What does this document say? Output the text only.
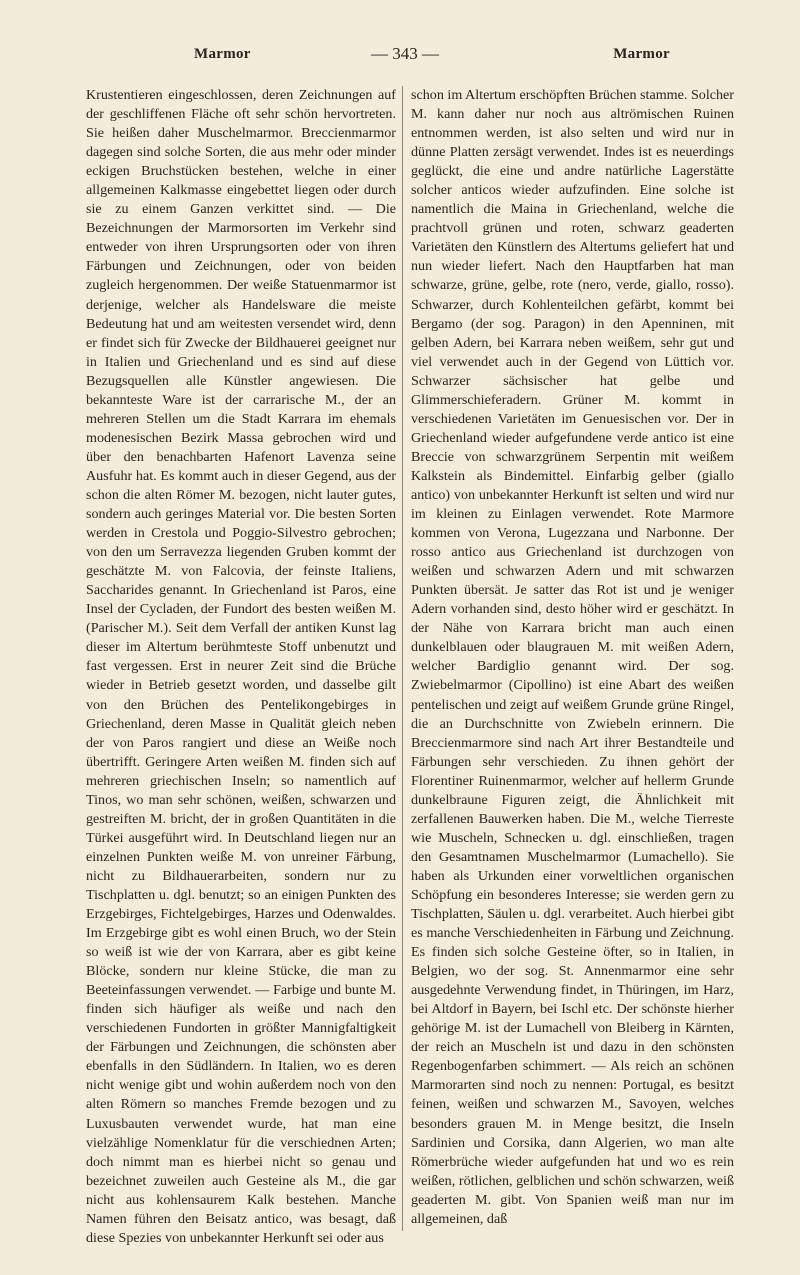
Marmor	— 343 —	Marmor

Krustentieren eingeschlossen, deren Zeichnungen auf der geschliffenen Fläche oft sehr schön hervortreten. Sie heißen daher Muschelmarmor. Breccienmarmor dagegen sind solche Sorten, die aus mehr oder minder eckigen Bruchstücken bestehen, welche in einer allgemeinen Kalkmasse eingebettet liegen oder durch sie zu einem Ganzen verkittet sind. — Die Bezeichnungen der Marmorsorten im Verkehr sind entweder von ihren Ursprungsorten oder von ihren Färbungen und Zeichnungen, oder von beiden zugleich hergenommen. Der weiße Statuenmarmor ist derjenige, welcher als Handelsware die meiste Bedeutung hat und am weitesten versendet wird, denn er findet sich für Zwecke der Bildhauerei geeignet nur in Italien und Griechenland und es sind auf diese Bezugsquellen alle Künstler angewiesen. Die bekannteste Ware ist der carrarische M., der an mehreren Stellen um die Stadt Karrara im ehemals modenesischen Bezirk Massa gebrochen wird und über den benachbarten Hafenort Lavenza seine Ausfuhr hat. Es kommt auch in dieser Gegend, aus der schon die alten Römer M. bezogen, nicht lauter gutes, sondern auch geringes Material vor. Die besten Sorten werden in Crestola und Poggio-Silvestro gebrochen; von den um Serravezza liegenden Gruben kommt der geschätzte M. von Falcovia, der feinste Italiens, Saccharides genannt. In Griechenland ist Paros, eine Insel der Cycladen, der Fundort des besten weißen M. (Parischer M.). Seit dem Verfall der antiken Kunst lag dieser im Altertum berühmteste Stoff unbenutzt und fast vergessen. Erst in neurer Zeit sind die Brüche wieder in Betrieb gesetzt worden, und dasselbe gilt von den Brüchen des Pentelikongebirges in Griechenland, deren Masse in Qualität gleich neben der von Paros rangiert und diese an Weiße noch übertrifft. Geringere Arten weißen M. finden sich auf mehreren griechischen Inseln; so namentlich auf Tinos, wo man sehr schönen, weißen, schwarzen und gestreiften M. bricht, der in großen Quantitäten in die Türkei ausgeführt wird. In Deutschland liegen nur an einzelnen Punkten weiße M. von unreiner Färbung, nicht zu Bildhauerarbeiten, sondern nur zu Tischplatten u. dgl. benutzt; so an einigen Punkten des Erzgebirges, Fichtelgebirges, Harzes und Odenwaldes. Im Erzgebirge gibt es wohl einen Bruch, wo der Stein so weiß ist wie der von Karrara, aber es gibt keine Blöcke, sondern nur kleine Stücke, die man zu Beeteinfassungen verwendet. — Farbige und bunte M. finden sich häufiger als weiße und nach den verschiedenen Fundorten in größter Mannigfaltigkeit der Färbungen und Zeichnungen, die schönsten aber ebenfalls in den Südländern. In Italien, wo es deren nicht wenige gibt und wohin außerdem noch von den alten Römern so manches Fremde bezogen und zu Luxusbauten verwendet wurde, hat man eine vielzählige Nomenklatur für die verschiednen Arten; doch nimmt man es hierbei nicht so genau und bezeichnet zuweilen auch Gesteine als M., die gar nicht aus kohlensaurem Kalk bestehen. Manche Namen führen den Beisatz antico, was besagt, daß diese Spezies von unbekannter Herkunft sei oder aus

schon im Altertum erschöpften Brüchen stamme. Solcher M. kann daher nur noch aus altrömischen Ruinen entnommen werden, ist also selten und wird nur in dünne Platten zersägt verwendet. Indes ist es neuerdings geglückt, die eine und andre natürliche Lagerstätte solcher anticos wieder aufzufinden. Eine solche ist namentlich die Maina in Griechenland, welche die prachtvoll grünen und roten, schwarz geaderten Varietäten den Künstlern des Altertums geliefert hat und nun wieder liefert. Nach den Hauptfarben hat man schwarze, grüne, gelbe, rote (nero, verde, giallo, rosso). Schwarzer, durch Kohlenteilchen gefärbt, kommt bei Bergamo (der sog. Paragon) in den Apenninen, mit gelben Adern, bei Karrara neben weißem, sehr gut und viel verwendet auch in der Gegend von Lüttich vor. Schwarzer sächsischer hat gelbe und Glimmerschieferadern. Grüner M. kommt in verschiedenen Varietäten im Genuesischen vor. Der in Griechenland wieder aufgefundene verde antico ist eine Breccie von schwarzgrünem Serpentin mit weißem Kalkstein als Bindemittel. Einfarbig gelber (giallo antico) von unbekannter Herkunft ist selten und wird nur im kleinen zu Einlagen verwendet. Rote Marmore kommen von Verona, Lugezzana und Narbonne. Der rosso antico aus Griechenland ist durchzogen von weißen und schwarzen Adern und mit schwarzen Punkten übersät. Je satter das Rot ist und je weniger Adern vorhanden sind, desto höher wird er geschätzt. In der Nähe von Karrara bricht man auch einen dunkelblauen oder blaugrauen M. mit weißen Adern, welcher Bardiglio genannt wird. Der sog. Zwiebelmarmor (Cipollino) ist eine Abart des weißen pentelischen und zeigt auf weißem Grunde grüne Ringel, die an Durchschnitte von Zwiebeln erinnern. Die Breccienmarmore sind nach Art ihrer Bestandteile und Färbungen sehr verschieden. Zu ihnen gehört der Florentiner Ruinenmarmor, welcher auf hellerm Grunde dunkelbraune Figuren zeigt, die Ähnlichkeit mit zerfallenen Bauwerken haben. Die M., welche Tierreste wie Muscheln, Schnecken u. dgl. einschließen, tragen den Gesamtnamen Muschelmarmor (Lumachello). Sie haben als Urkunden einer vorweltlichen organischen Schöpfung ein besonderes Interesse; sie werden gern zu Tischplatten, Säulen u. dgl. verarbeitet. Auch hierbei gibt es manche Verschiedenheiten in Färbung und Zeichnung. Es finden sich solche Gesteine öfter, so in Italien, in Belgien, wo der sog. St. Annenmarmor eine sehr ausgedehnte Verwendung findet, in Thüringen, im Harz, bei Altdorf in Bayern, bei Ischl etc. Der schönste hierher gehörige M. ist der Lumachell von Bleiberg in Kärnten, der reich an Muscheln ist und dazu in den schönsten Regenbogenfarben schimmert. — Als reich an schönen Marmorarten sind noch zu nennen: Portugal, es besitzt feinen, weißen und schwarzen M., Savoyen, welches besonders grauen M. in Menge besitzt, die Inseln Sardinien und Corsika, dann Algerien, wo man alte Römerbrüche wieder aufgefunden hat und wo es rein weißen, rötlichen, gelblichen und schön schwarzen, weiß geaderten M. gibt. Von Spanien weiß man nur im allgemeinen, daß
